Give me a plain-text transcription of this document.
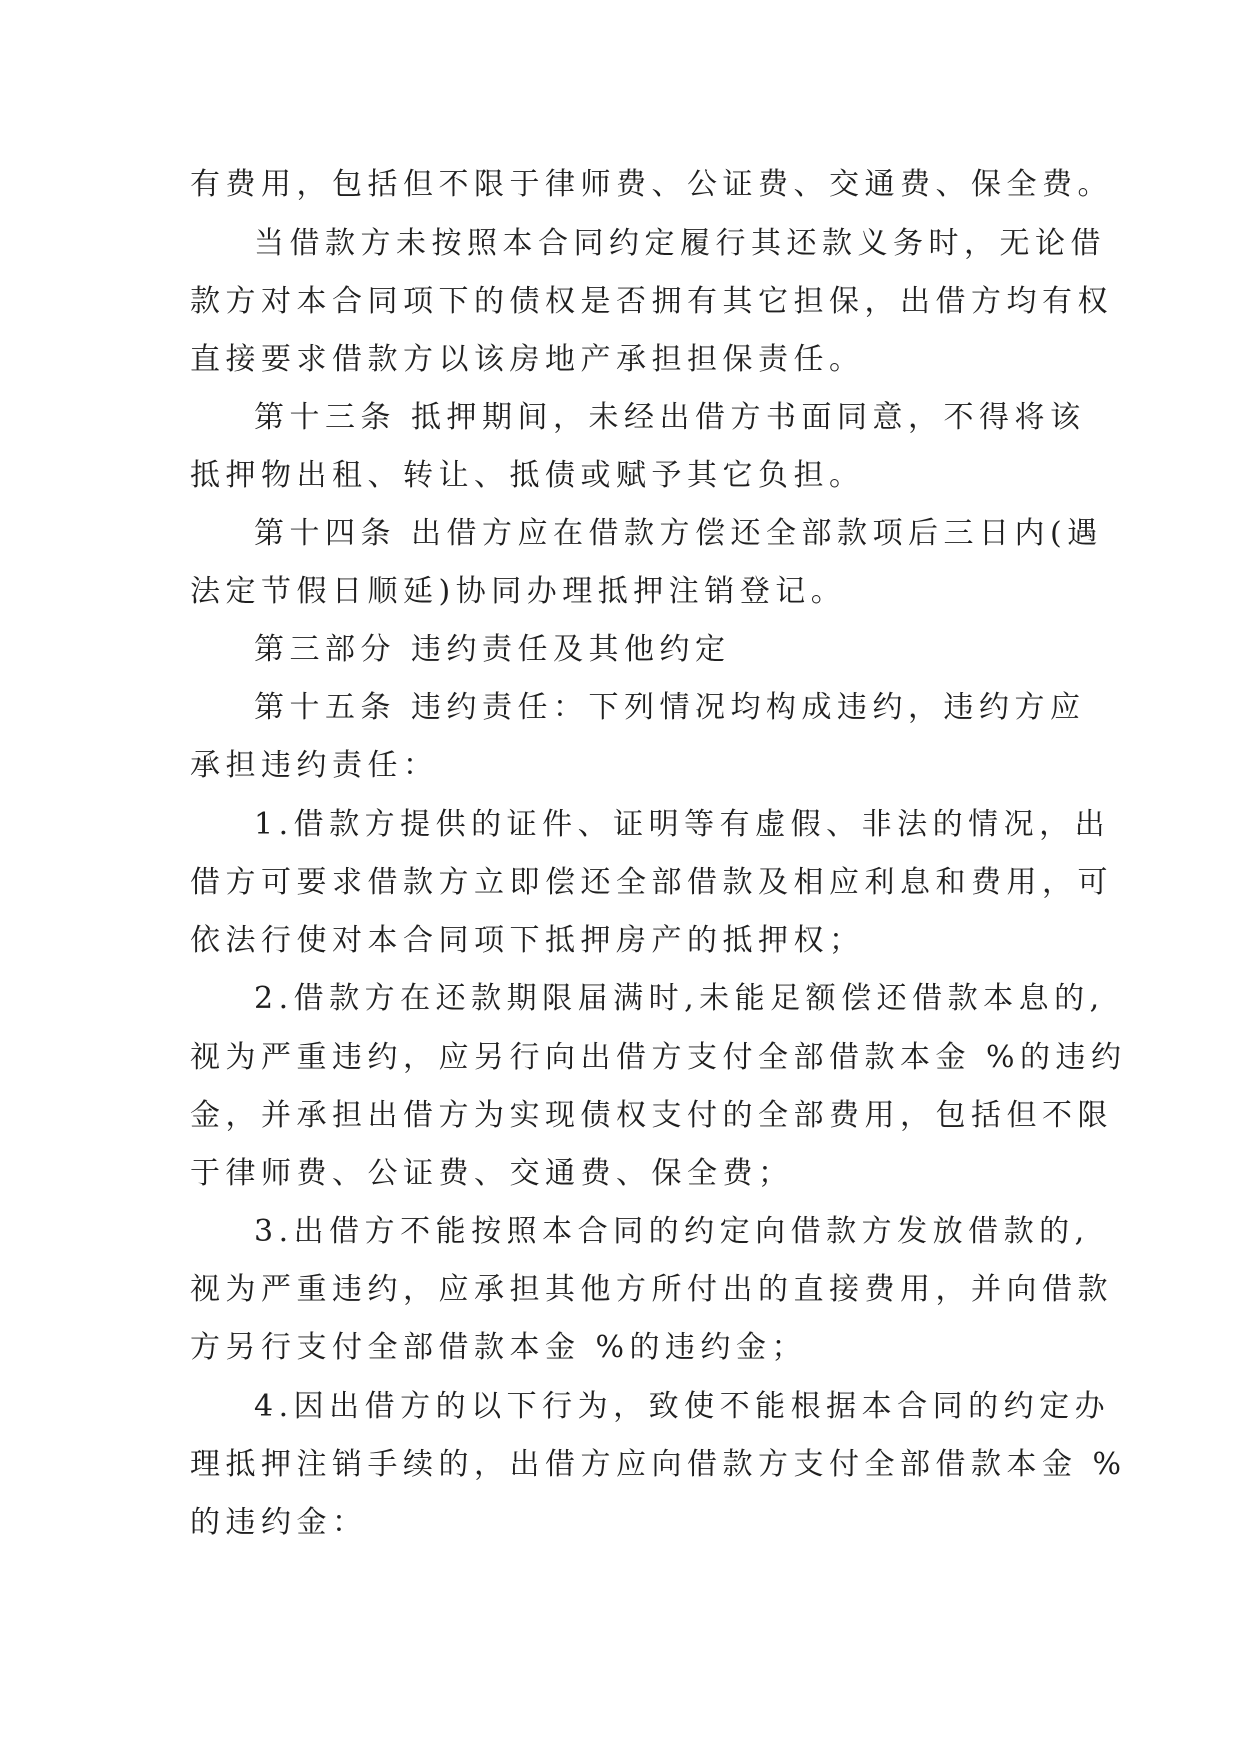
有费用，包括但不限于律师费、公证费、交通费、保全费。
当借款方未按照本合同约定履行其还款义务时，无论借
款方对本合同项下的债权是否拥有其它担保，出借方均有权
直接要求借款方以该房地产承担担保责任。
第十三条 抵押期间，未经出借方书面同意，不得将该
抵押物出租、转让、抵债或赋予其它负担。
第十四条 出借方应在借款方偿还全部款项后三日内(遇
法定节假日顺延)协同办理抵押注销登记。
第三部分 违约责任及其他约定
第十五条 违约责任：下列情况均构成违约，违约方应
承担违约责任：
1.借款方提供的证件、证明等有虚假、非法的情况，出
借方可要求借款方立即偿还全部借款及相应利息和费用，可
依法行使对本合同项下抵押房产的抵押权；
2.借款方在还款期限届满时,未能足额偿还借款本息的,
视为严重违约，应另行向出借方支付全部借款本金 %的违约
金，并承担出借方为实现债权支付的全部费用，包括但不限
于律师费、公证费、交通费、保全费；
3.出借方不能按照本合同的约定向借款方发放借款的,
视为严重违约，应承担其他方所付出的直接费用，并向借款
方另行支付全部借款本金 %的违约金；
4.因出借方的以下行为，致使不能根据本合同的约定办
理抵押注销手续的，出借方应向借款方支付全部借款本金 %
的违约金：
